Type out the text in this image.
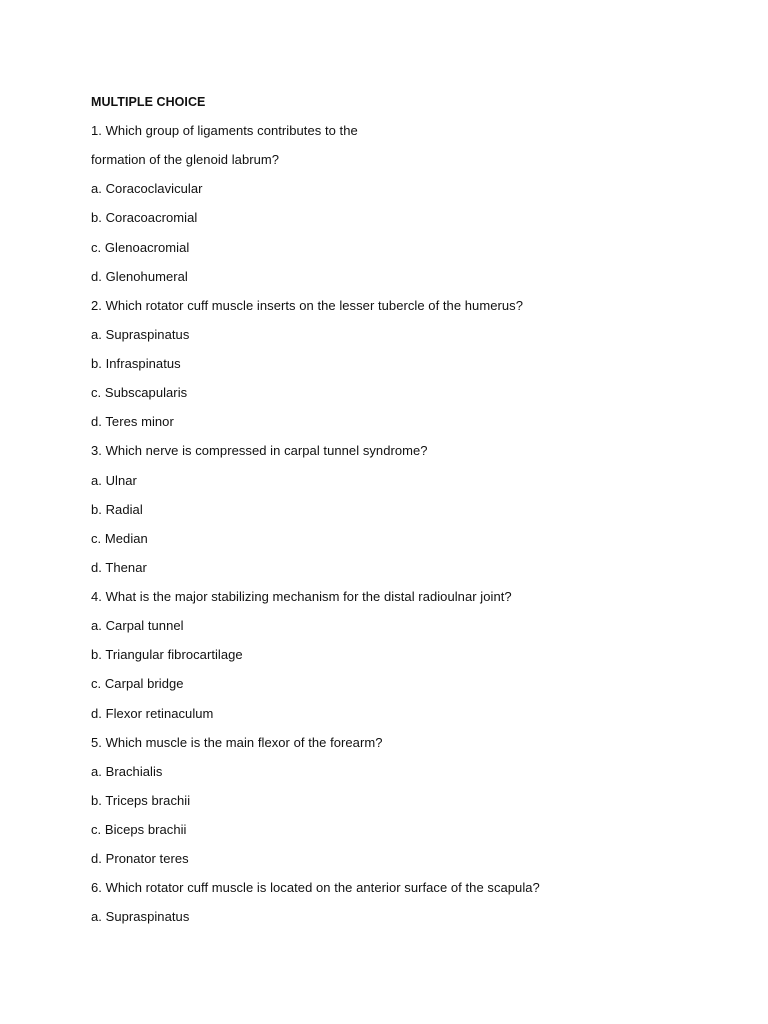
MULTIPLE CHOICE
1. Which group of ligaments contributes to the
formation of the glenoid labrum?
a. Coracoclavicular
b. Coracoacromial
c. Glenoacromial
d. Glenohumeral
2. Which rotator cuff muscle inserts on the lesser tubercle of the humerus?
a. Supraspinatus
b. Infraspinatus
c. Subscapularis
d. Teres minor
3. Which nerve is compressed in carpal tunnel syndrome?
a. Ulnar
b. Radial
c. Median
d. Thenar
4. What is the major stabilizing mechanism for the distal radioulnar joint?
a. Carpal tunnel
b. Triangular fibrocartilage
c. Carpal bridge
d. Flexor retinaculum
5. Which muscle is the main flexor of the forearm?
a. Brachialis
b. Triceps brachii
c. Biceps brachii
d. Pronator teres
6. Which rotator cuff muscle is located on the anterior surface of the scapula?
a. Supraspinatus
